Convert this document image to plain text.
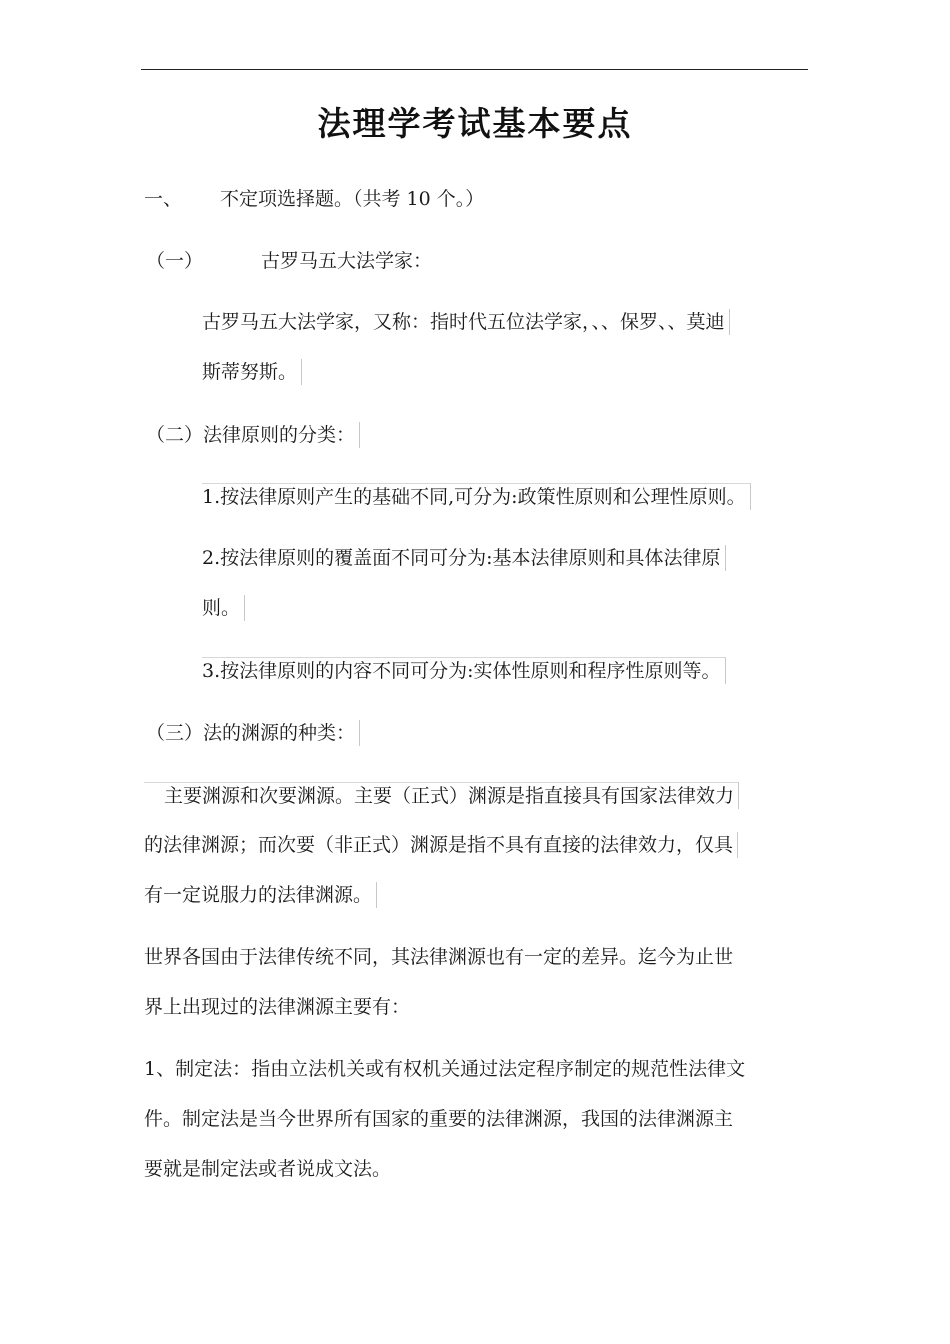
法理学考试基本要点
一、 不定项选择题。（共考 10 个。）
（一）	古罗马五大法学家：
古罗马五大法学家，又称：指时代五位法学家，、、保罗、、莫迪
斯蒂努斯。
（二）法律原则的分类：
1.按法律原则产生的基础不同,可分为:政策性原则和公理性原则。
2.按法律原则的覆盖面不同可分为:基本法律原则和具体法律原
则。
3.按法律原则的内容不同可分为:实体性原则和程序性原则等。
（三）法的渊源的种类：
主要渊源和次要渊源。主要（正式）渊源是指直接具有国家法律效力
的法律渊源；而次要（非正式）渊源是指不具有直接的法律效力，仅具
有一定说服力的法律渊源。
世界各国由于法律传统不同，其法律渊源也有一定的差异。迄今为止世
界上出现过的法律渊源主要有：
1、制定法：指由立法机关或有权机关通过法定程序制定的规范性法律文
件。制定法是当今世界所有国家的重要的法律渊源，我国的法律渊源主
要就是制定法或者说成文法。
